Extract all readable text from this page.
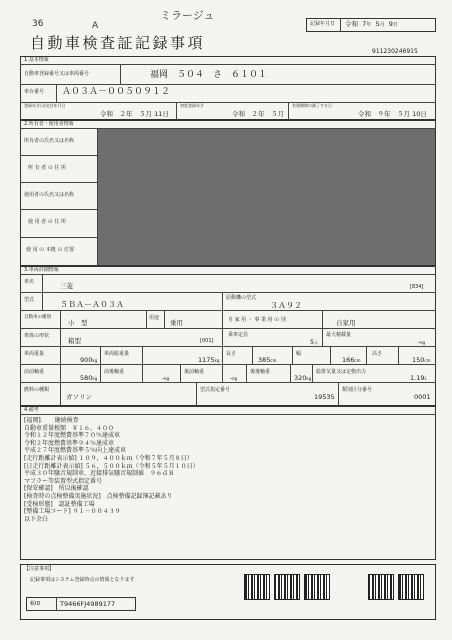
36	A
ミラージュ
記録年月日 令和 7年 5月 9日
自動車検査証記録事項	911230246915
1.基本情報
自動車登録番号又は車両番号	福岡　５０４　さ　６１０１
車台番号 Ａ０３Ａ－００５０９１２
登録年月日/交付年月日
令和　２年　５月 11日
初度登録年月
令和　２年　５月
有効期間の満了する日
令和　９年　５月 10日
2.所有者・使用者情報
所有者の氏名又は名称
所 有 者 の 住 所
使用者の氏名又は名称
使 用 者 の 住 所
使 用 の 本拠 の 位置
3.車両詳細情報
車名	三菱	[834]
型式	５ＢＡ－Ａ０３Ａ
原動機の型式
３Ａ９２
自動車の種別
小　型
用途
乗用	自 家 用 ・ 事 業 用 の 別	自家用
車体の形状
箱型	[001]
乗車定員
5人
最大積載量
-kg
車両重量
900kg
車両総重量
1175kg
長さ
385cm
幅
166cm
高さ
150cm
前前軸重
580kg
前後軸重
-kg
後前軸重
-kg
後後軸重
320kg
総排気量又は定格出力
1.19L
燃料の種類
ガソリン
型式指定番号
19535
類別区分番号
0001
4.備考
[福岡]． 　継続検査
自動車重量税額　￥１６，４００
令和１２年度燃費基準７０％達成車
令和２年度燃費基準９４％達成車
平成２７年度燃費基準５％向上達成車
[走行距離計表示値] １０９，４００ｋｍ（令和７年５月８日）
[日走行距離計表示値] ５６，５００ｋｍ（令和５年５月１０日）
平成３０年騒音規制車，近接排気騒音規制値　９６ｄＢ
マフラー等装置型式指定番号
[保安確認]　所以後確認
[検査時の点検整備実施状況]　点検整備記録簿記載あり
[受検形態]　認証整備工場
[整備工場コード] ９１－００４３９
以下余白
【注意事項】
記録事項はシステム登録時点の情報となります
帳ID	T9466FJ4989177
